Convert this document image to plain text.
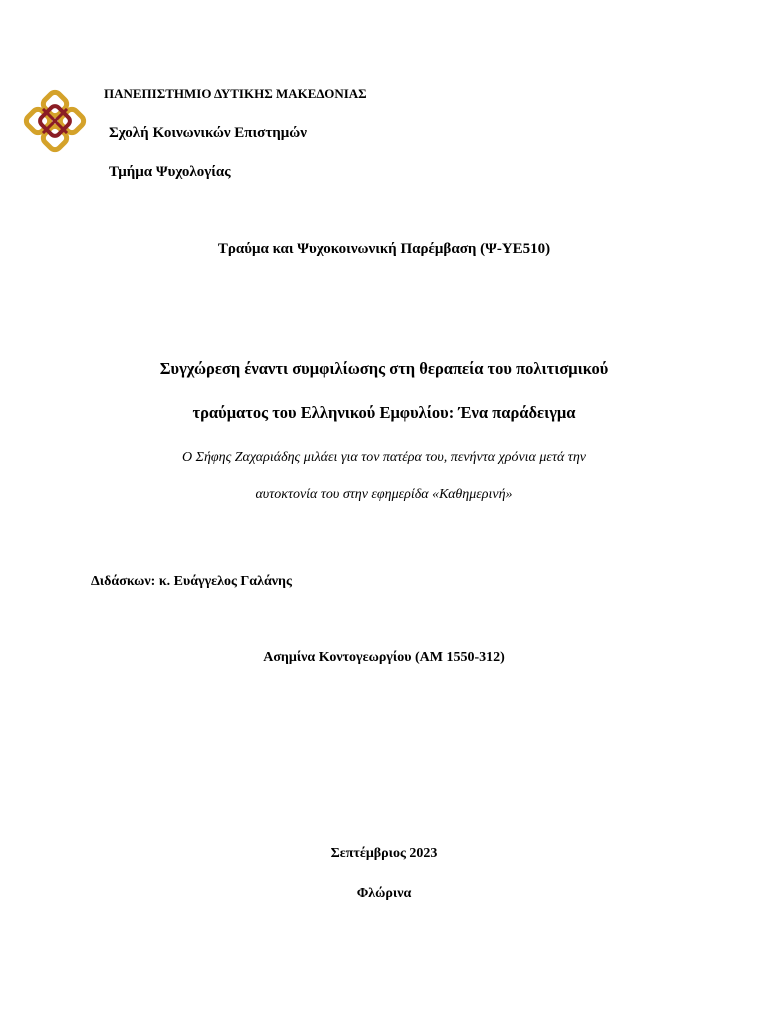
ΠΑΝΕΠΙΣΤΗΜΙΟ ΔΥΤΙΚΗΣ ΜΑΚΕΔΟΝΙΑΣ
Σχολή Κοινωνικών Επιστημών
Τμήμα Ψυχολογίας
Τραύμα και Ψυχοκοινωνική Παρέμβαση (Ψ-ΥΕ510)
Συγχώρεση έναντι συμφιλίωσης στη θεραπεία του πολιτισμικού
τραύματος του Ελληνικού Εμφυλίου: Ένα παράδειγμα
Ο Σήφης Ζαχαριάδης μιλάει για τον πατέρα του, πενήντα χρόνια μετά την
αυτοκτονία του στην εφημερίδα «Καθημερινή»
Διδάσκων: κ. Ευάγγελος Γαλάνης
Ασημίνα Κοντογεωργίου (ΑΜ 1550-312)
Σεπτέμβριος 2023
Φλώρινα
